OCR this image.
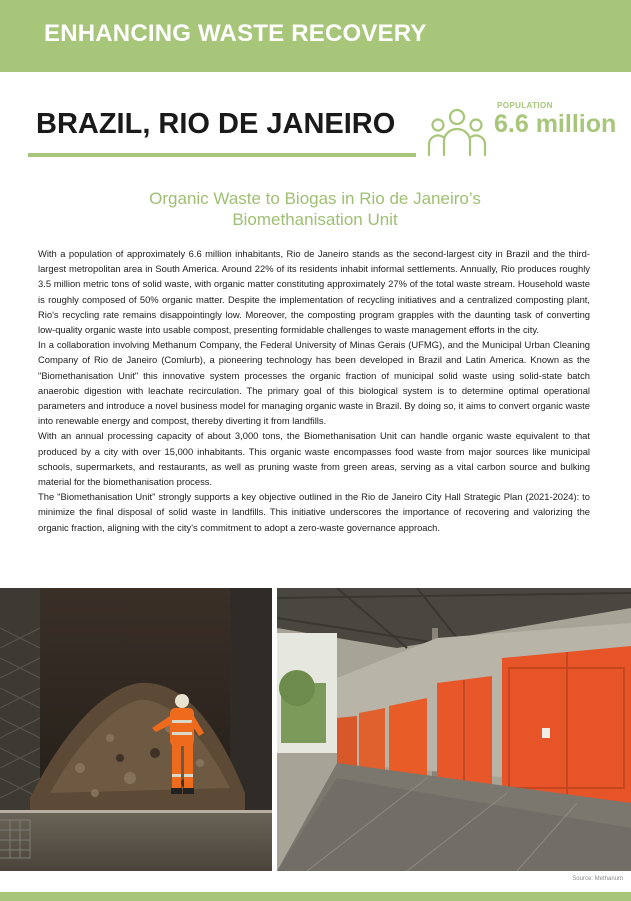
ENHANCING WASTE RECOVERY
BRAZIL, RIO DE JANEIRO
POPULATION
6.6 million
Organic Waste to Biogas in Rio de Janeiro’s
Biomethanisation Unit

With a population of approximately 6.6 million inhabitants, Rio de Janeiro stands as the second-largest city in Brazil and the third-largest metropolitan area in South America. Around 22% of its residents inhabit informal settlements. Annually, Rio produces roughly 3.5 million metric tons of solid waste, with organic matter constituting approximately 27% of the total waste stream. Household waste is roughly composed of 50% organic matter. Despite the implementation of recycling initiatives and a centralized composting plant, Rio's recycling rate remains disappointingly low. Moreover, the composting program grapples with the daunting task of converting low-quality organic waste into usable compost, presenting formidable challenges to waste management efforts in the city.

In a collaboration involving Methanum Company, the Federal University of Minas Gerais (UFMG), and the Municipal Urban Cleaning Company of Rio de Janeiro (Comlurb), a pioneering technology has been developed in Brazil and Latin America. Known as the "Biomethanisation Unit" this innovative system processes the organic fraction of municipal solid waste using solid-state batch anaerobic digestion with leachate recirculation. The primary goal of this biological system is to determine optimal operational parameters and introduce a novel business model for managing organic waste in Brazil. By doing so, it aims to convert organic waste into renewable energy and compost, thereby diverting it from landfills.

With an annual processing capacity of about 3,000 tons, the Biomethanisation Unit can handle organic waste equivalent to that produced by a city with over 15,000 inhabitants. This organic waste encompasses food waste from major sources like municipal schools, supermarkets, and restaurants, as well as pruning waste from green areas, serving as a vital carbon source and bulking material for the biomethanisation process.

The "Biomethanisation Unit" strongly supports a key objective outlined in the Rio de Janeiro City Hall Strategic Plan (2021-2024): to minimize the final disposal of solid waste in landfills. This initiative underscores the importance of recovering and valorizing the organic fraction, aligning with the city's commitment to adopt a zero-waste governance approach.

Source: Methanum
